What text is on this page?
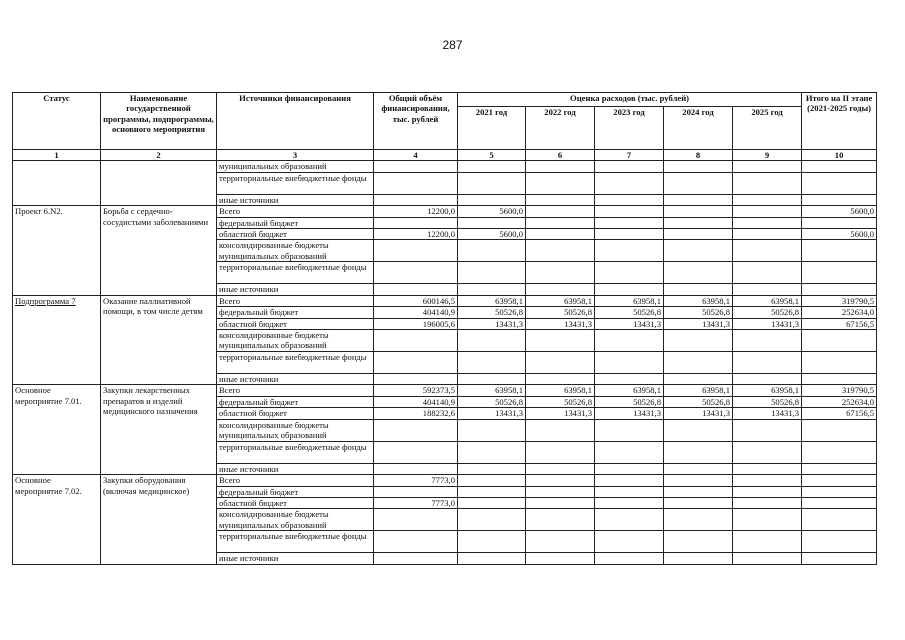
287
Статус	Наименование государственной программы, подпрограммы, основного мероприятия	Источники финансирования	Общий объём финансирования, тыс. рублей	Оценка расходов (тыс. рублей)					Итого на II этапе (2021-2025 годы)
				2021 год	2022 год	2023 год	2024 год	2025 год	
1	2	3	4	5	6	7	8	9	10
		муниципальных образований							
		территориальные внебюджетные фонды							
		иные источники							
Проект 6.N2.	Борьба с сердечно-сосудистыми заболеваниями	Всего	12200,0	5600,0					5600,0
		федеральный бюджет							
		областной бюджет	12200,0	5600,0					5600,0
		консолидированные бюджеты муниципальных образований							
		территориальные внебюджетные фонды							
		иные источники							
Подпрограмма 7	Оказание паллиативной помощи, в том числе детям	Всего	600146,5	63958,1	63958,1	63958,1	63958,1	63958,1	319790,5
		федеральный бюджет	404140,9	50526,8	50526,8	50526,8	50526,8	50526,8	252634,0
		областной бюджет	196005,6	13431,3	13431,3	13431,3	13431,3	13431,3	67156,5
		консолидированные бюджеты муниципальных образований							
		территориальные внебюджетные фонды							
		иные источники							
Основное мероприятие 7.01.	Закупки лекарственных препаратов и изделий медицинского назначения	Всего	592373,5	63958,1	63958,1	63958,1	63958,1	63958,1	319790,5
		федеральный бюджет	404140,9	50526,8	50526,8	50526,8	50526,8	50526,8	252634,0
		областной бюджет	188232,6	13431,3	13431,3	13431,3	13431,3	13431,3	67156,5
		консолидированные бюджеты муниципальных образований							
		территориальные внебюджетные фонды							
		иные источники							
Основное мероприятие 7.02.	Закупки оборудования (включая медицинское)	Всего	7773,0						
		федеральный бюджет							
		областной бюджет	7773,0						
		консолидированные бюджеты муниципальных образований							
		территориальные внебюджетные фонды							
		иные источники							
